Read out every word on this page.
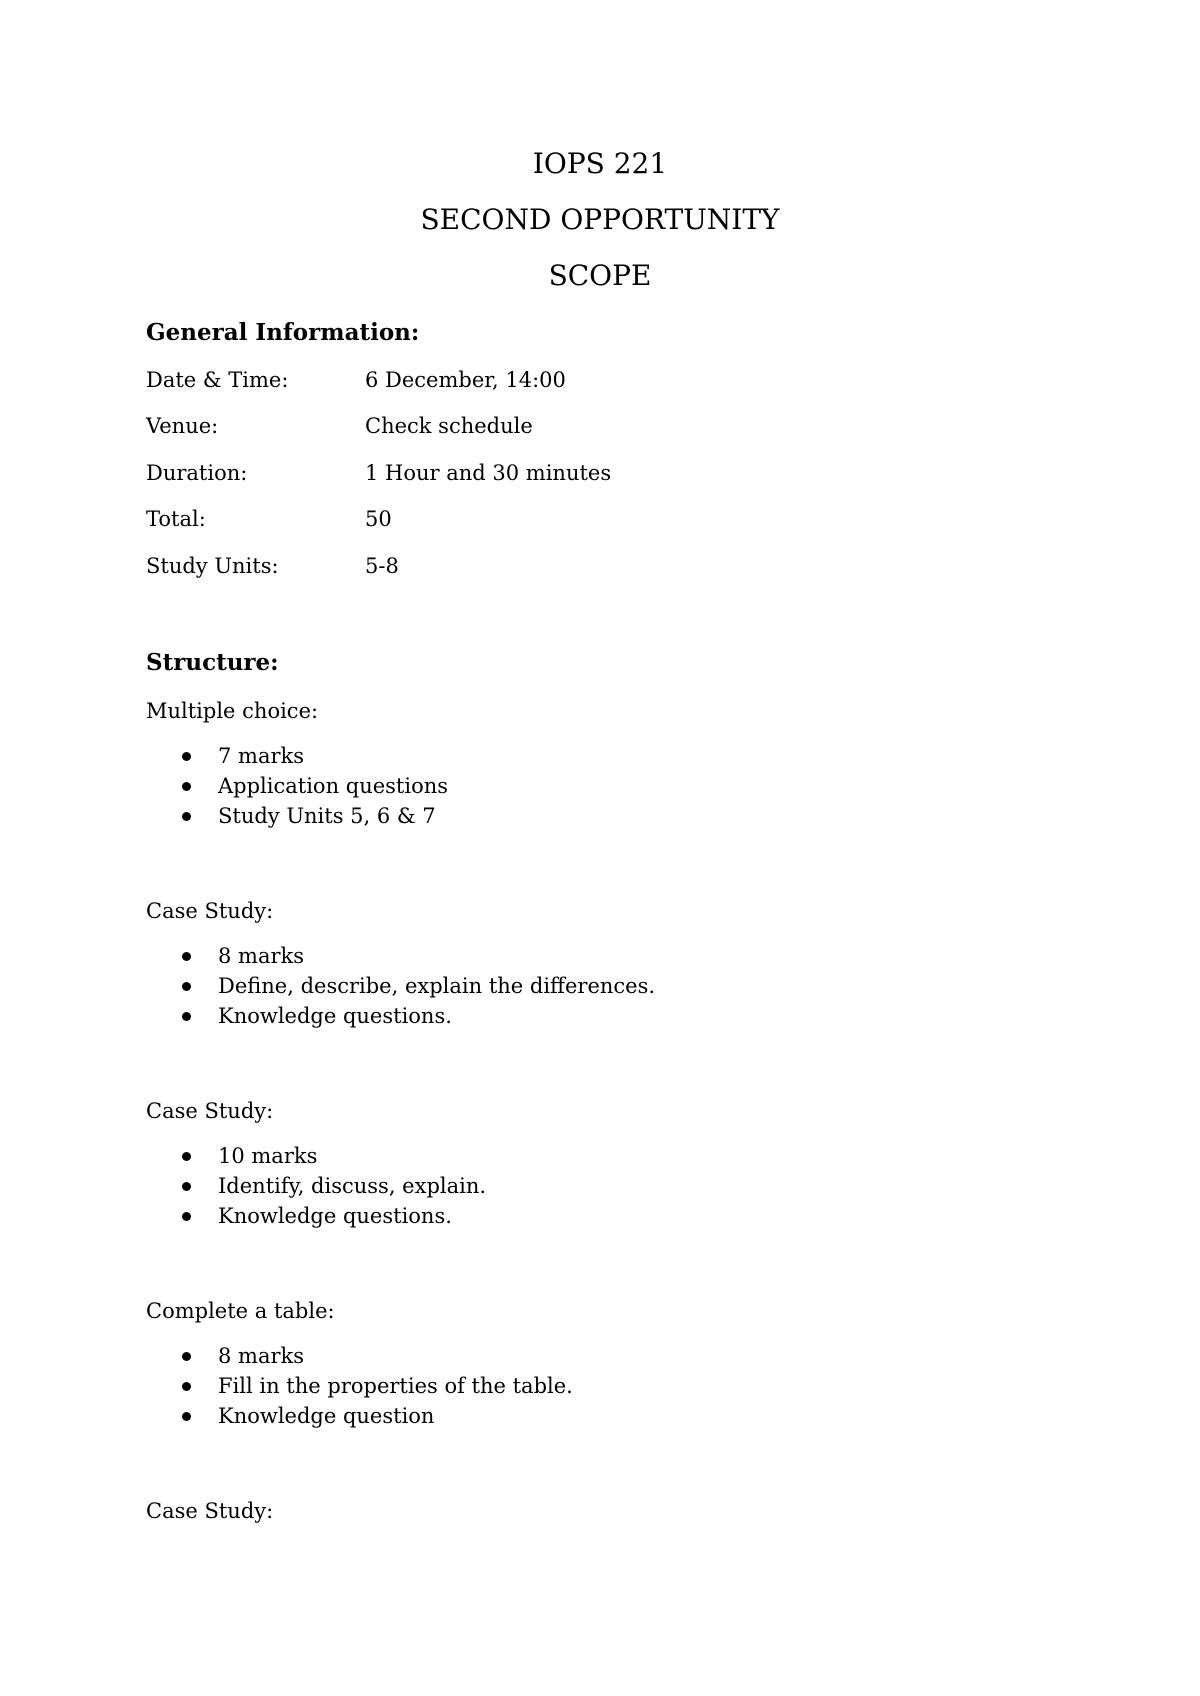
IOPS 221
SECOND OPPORTUNITY
SCOPE
General Information:
Date & Time:	6 December, 14:00
Venue:	Check schedule
Duration:	1 Hour and 30 minutes
Total:	50
Study Units:	5-8
Structure:
Multiple choice:
7 marks
Application questions
Study Units 5, 6 & 7
Case Study:
8 marks
Define, describe, explain the differences.
Knowledge questions.
Case Study:
10 marks
Identify, discuss, explain.
Knowledge questions.
Complete a table:
8 marks
Fill in the properties of the table.
Knowledge question
Case Study:
